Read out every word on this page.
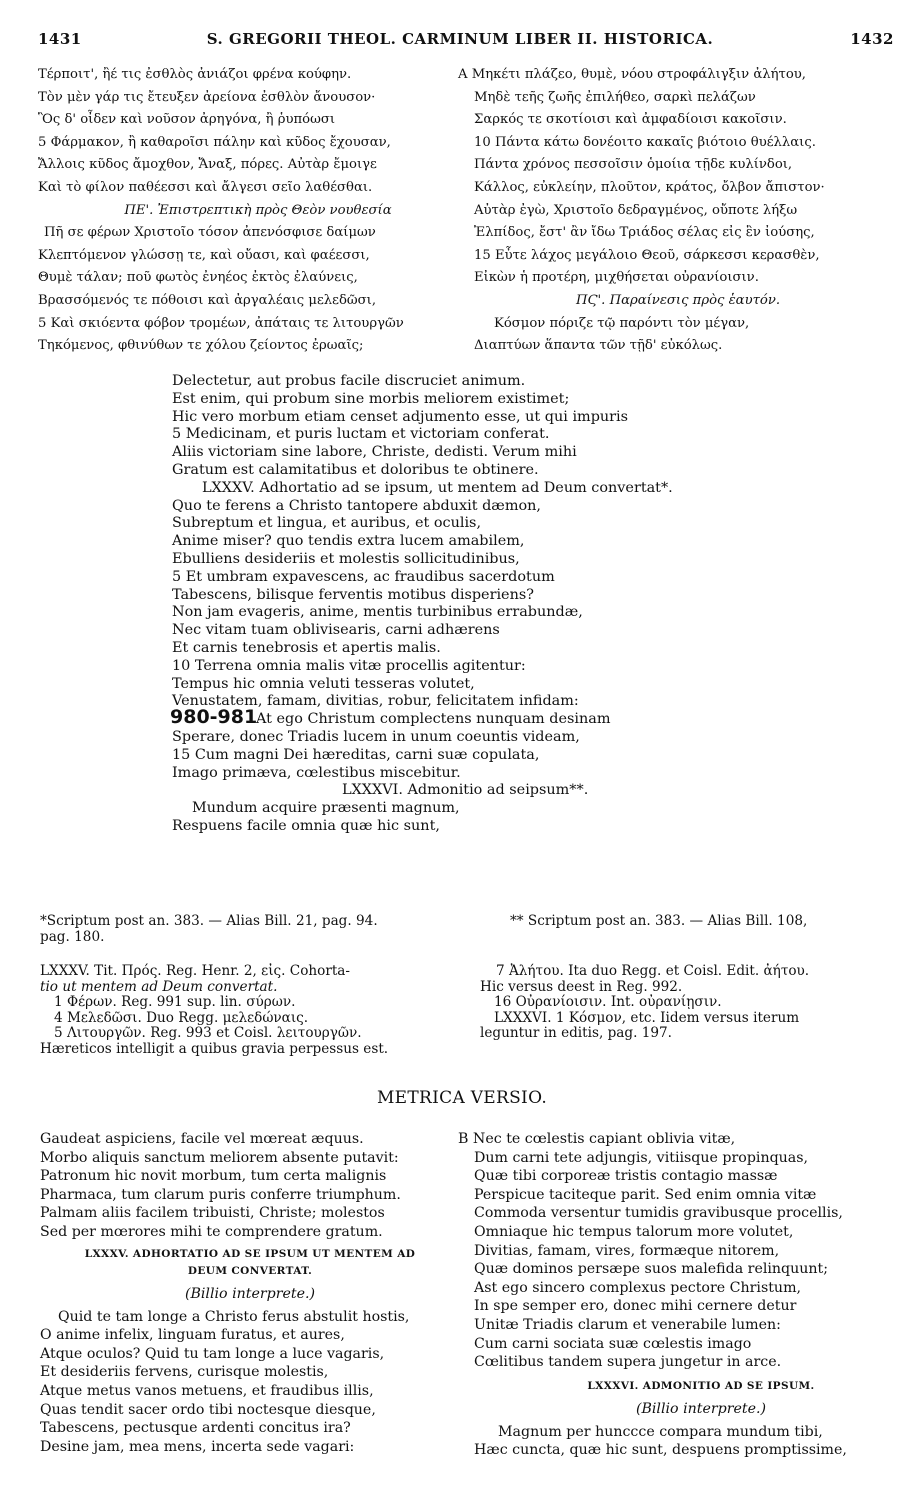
1431	S. GREGORII THEOL. CARMINUM LIBER II. HISTORICA.	1432
Τέρποιτ', ἢέ τις ἐσθλὸς ἀνιάζοι φρένα κούφην.
Τὸν μὲν γάρ τις ἔτευξεν ἀρείονα ἐσθλὸν ἄνουσον·
Ὃς δ' οἶδεν καὶ νοῦσον ἀρηγόνα, ἢ ῥυπόωσι
5 Φάρμακον, ἢ καθαροῖσι πάλην καὶ κῦδος ἔχουσαν,
Ἄλλοις κῦδος ἄμοχθον, Ἄναξ, πόρες. Αὐτὰρ ἔμοιγε
Καὶ τὸ φίλον παθέεσσι καὶ ἄλγεσι σεῖο λαθέσθαι.
ΠΕ'. Ἐπιστρεπτικὴ πρὸς Θεὸν νουθεσία
Πῆ σε φέρων Χριστοῖο τόσον ἀπενόσφισε δαίμων
Κλεπτόμενον γλώσσῃ τε, καὶ οὔασι, καὶ φαέεσσι,
Θυμὲ τάλαν; ποῦ φωτὸς ἐνηέος ἐκτὸς ἐλαύνεις,
Βρασσόμενός τε πόθοισι καὶ ἀργαλέαις μελεδῶσι,
5 Καὶ σκιόεντα φόβον τρομέων, ἀπάταις τε λιτουργῶν
Τηκόμενος, φθινύθων τε χόλου ζείοντος ἐρωαῖς;
A Μηκέτι πλάζεο, θυμὲ, νόου στροφάλιγξιν ἀλήτου,
Μηδὲ τεῆς ζωῆς ἐπιλήθεο, σαρκὶ πελάζων
Σαρκός τε σκοτίοισι καὶ ἀμφαδίοισι κακοῖσιν.
10 Πάντα κάτω δονέοιτο κακαῖς βιότοιο θυέλλαις.
Πάντα χρόνος πεσσοῖσιν ὁμοίια τῇδε κυλίνδοι,
Κάλλος, εὐκλείην, πλοῦτον, κράτος, ὄλβον ἄπιστον·
Αὐτὰρ ἐγὼ, Χριστοῖο δεδραγμένος, οὔποτε λήξω
Ἐλπίδος, ἔστ' ἂν ἴδω Τριάδος σέλας εἰς ἓν ἰούσης,
15 Εὖτε λάχος μεγάλοιο Θεοῦ, σάρκεσσι κερασθὲν,
Εἰκὼν ἡ προτέρη, μιχθήσεται οὐρανίοισιν.
ΠϚ'. Παραίνεσις πρὸς ἑαυτόν.
Κόσμον πόριζε τῷ παρόντι τὸν μέγαν,
Διαπτύων ἅπαντα τῶν τῇδ' εὐκόλως.
Delectetur, aut probus facile discruciet animum.
Est enim, qui probum sine morbis meliorem existimet;
Hic vero morbum etiam censet adjumento esse, ut qui impuris
5 Medicinam, et puris luctam et victoriam conferat.
Aliis victoriam sine labore, Christe, dedisti. Verum mihi
Gratum est calamitatibus et doloribus te obtinere.
LXXXV. Adhortatio ad se ipsum, ut mentem ad Deum convertat*.
Quo te ferens a Christo tantopere abduxit dæmon,
Subreptum et lingua, et auribus, et oculis,
Anime miser? quo tendis extra lucem amabilem,
Ebulliens desideriis et molestis sollicitudinibus,
5 Et umbram expavescens, ac fraudibus sacerdotum
Tabescens, bilisque ferventis motibus disperiens?
Non jam evageris, anime, mentis turbinibus errabundæ,
Nec vitam tuam oblivisearis, carni adhærens
Et carnis tenebrosis et apertis malis.
10 Terrena omnia malis vitæ procellis agitentur:
Tempus hic omnia veluti tesseras volutet,
Venustatem, famam, divitias, robur, felicitatem infidam:
980-981
At ego Christum complectens nunquam desinam
Sperare, donec Triadis lucem in unum coeuntis videam,
15 Cum magni Dei hæreditas, carni suæ copulata,
Imago primæva, cœlestibus miscebitur.
LXXXVI. Admonitio ad seipsum**.
Mundum acquire præsenti magnum,
Respuens facile omnia quæ hic sunt,
*Scriptum post an. 383. — Alias Bill. 21, pag. 94.	** Scriptum post an. 383. — Alias Bill. 108,
pag. 180.
LXXXV. Tit. Πρός. Reg. Henr. 2, εἰς. Cohorta-
tio ut mentem ad Deum convertat.
1 Φέρων. Reg. 991 sup. lin. σύρων.
4 Μελεδῶσι. Duo Regg. μελεδώναις.
5 Λιτουργῶν. Reg. 993 et Coisl. λειτουργῶν.
Hæreticos intelligit a quibus gravia perpessus est.
7 Ἀλήτου. Ita duo Regg. et Coisl. Edit. ἀήτου.
Hic versus deest in Reg. 992.
16 Οὐρανίοισιν. Int. οὐρανίῃσιν.
LXXXVI. 1 Κόσμον, etc. Iidem versus iterum
leguntur in editis, pag. 197.
METRICA VERSIO.
Gaudeat aspiciens, facile vel mœreat æquus.
Morbo aliquis sanctum meliorem absente putavit:
Patronum hic novit morbum, tum certa malignis
Pharmaca, tum clarum puris conferre triumphum.
Palmam aliis facilem tribuisti, Christe; molestos
Sed per mœrores mihi te comprendere gratum.
LXXXV. ADHORTATIO AD SE IPSUM UT MENTEM AD
DEUM CONVERTAT.
(Billio interprete.)
Quid te tam longe a Christo ferus abstulit hostis,
O anime infelix, linguam furatus, et aures,
Atque oculos? Quid tu tam longe a luce vagaris,
Et desideriis fervens, curisque molestis,
Atque metus vanos metuens, et fraudibus illis,
Quas tendit sacer ordo tibi noctesque diesque,
Tabescens, pectusque ardenti concitus ira?
Desine jam, mea mens, incerta sede vagari:
B Nec te cœlestis capiant oblivia vitæ,
Dum carni tete adjungis, vitiisque propinquas,
Quæ tibi corporeæ tristis contagio massæ
Perspicue taciteque parit. Sed enim omnia vitæ
Commoda versentur tumidis gravibusque procellis,
Omniaque hic tempus talorum more volutet,
Divitias, famam, vires, formæque nitorem,
Quæ dominos persæpe suos malefida relinquunt;
Ast ego sincero complexus pectore Christum,
In spe semper ero, donec mihi cernere detur
Unitæ Triadis clarum et venerabile lumen:
Cum carni sociata suæ cœlestis imago
Cœlitibus tandem supera jungetur in arce.
LXXXVI. ADMONITIO AD SE IPSUM.
(Billio interprete.)
Magnum per hunccce compara mundum tibi,
Hæc cuncta, quæ hic sunt, despuens promptissime,
